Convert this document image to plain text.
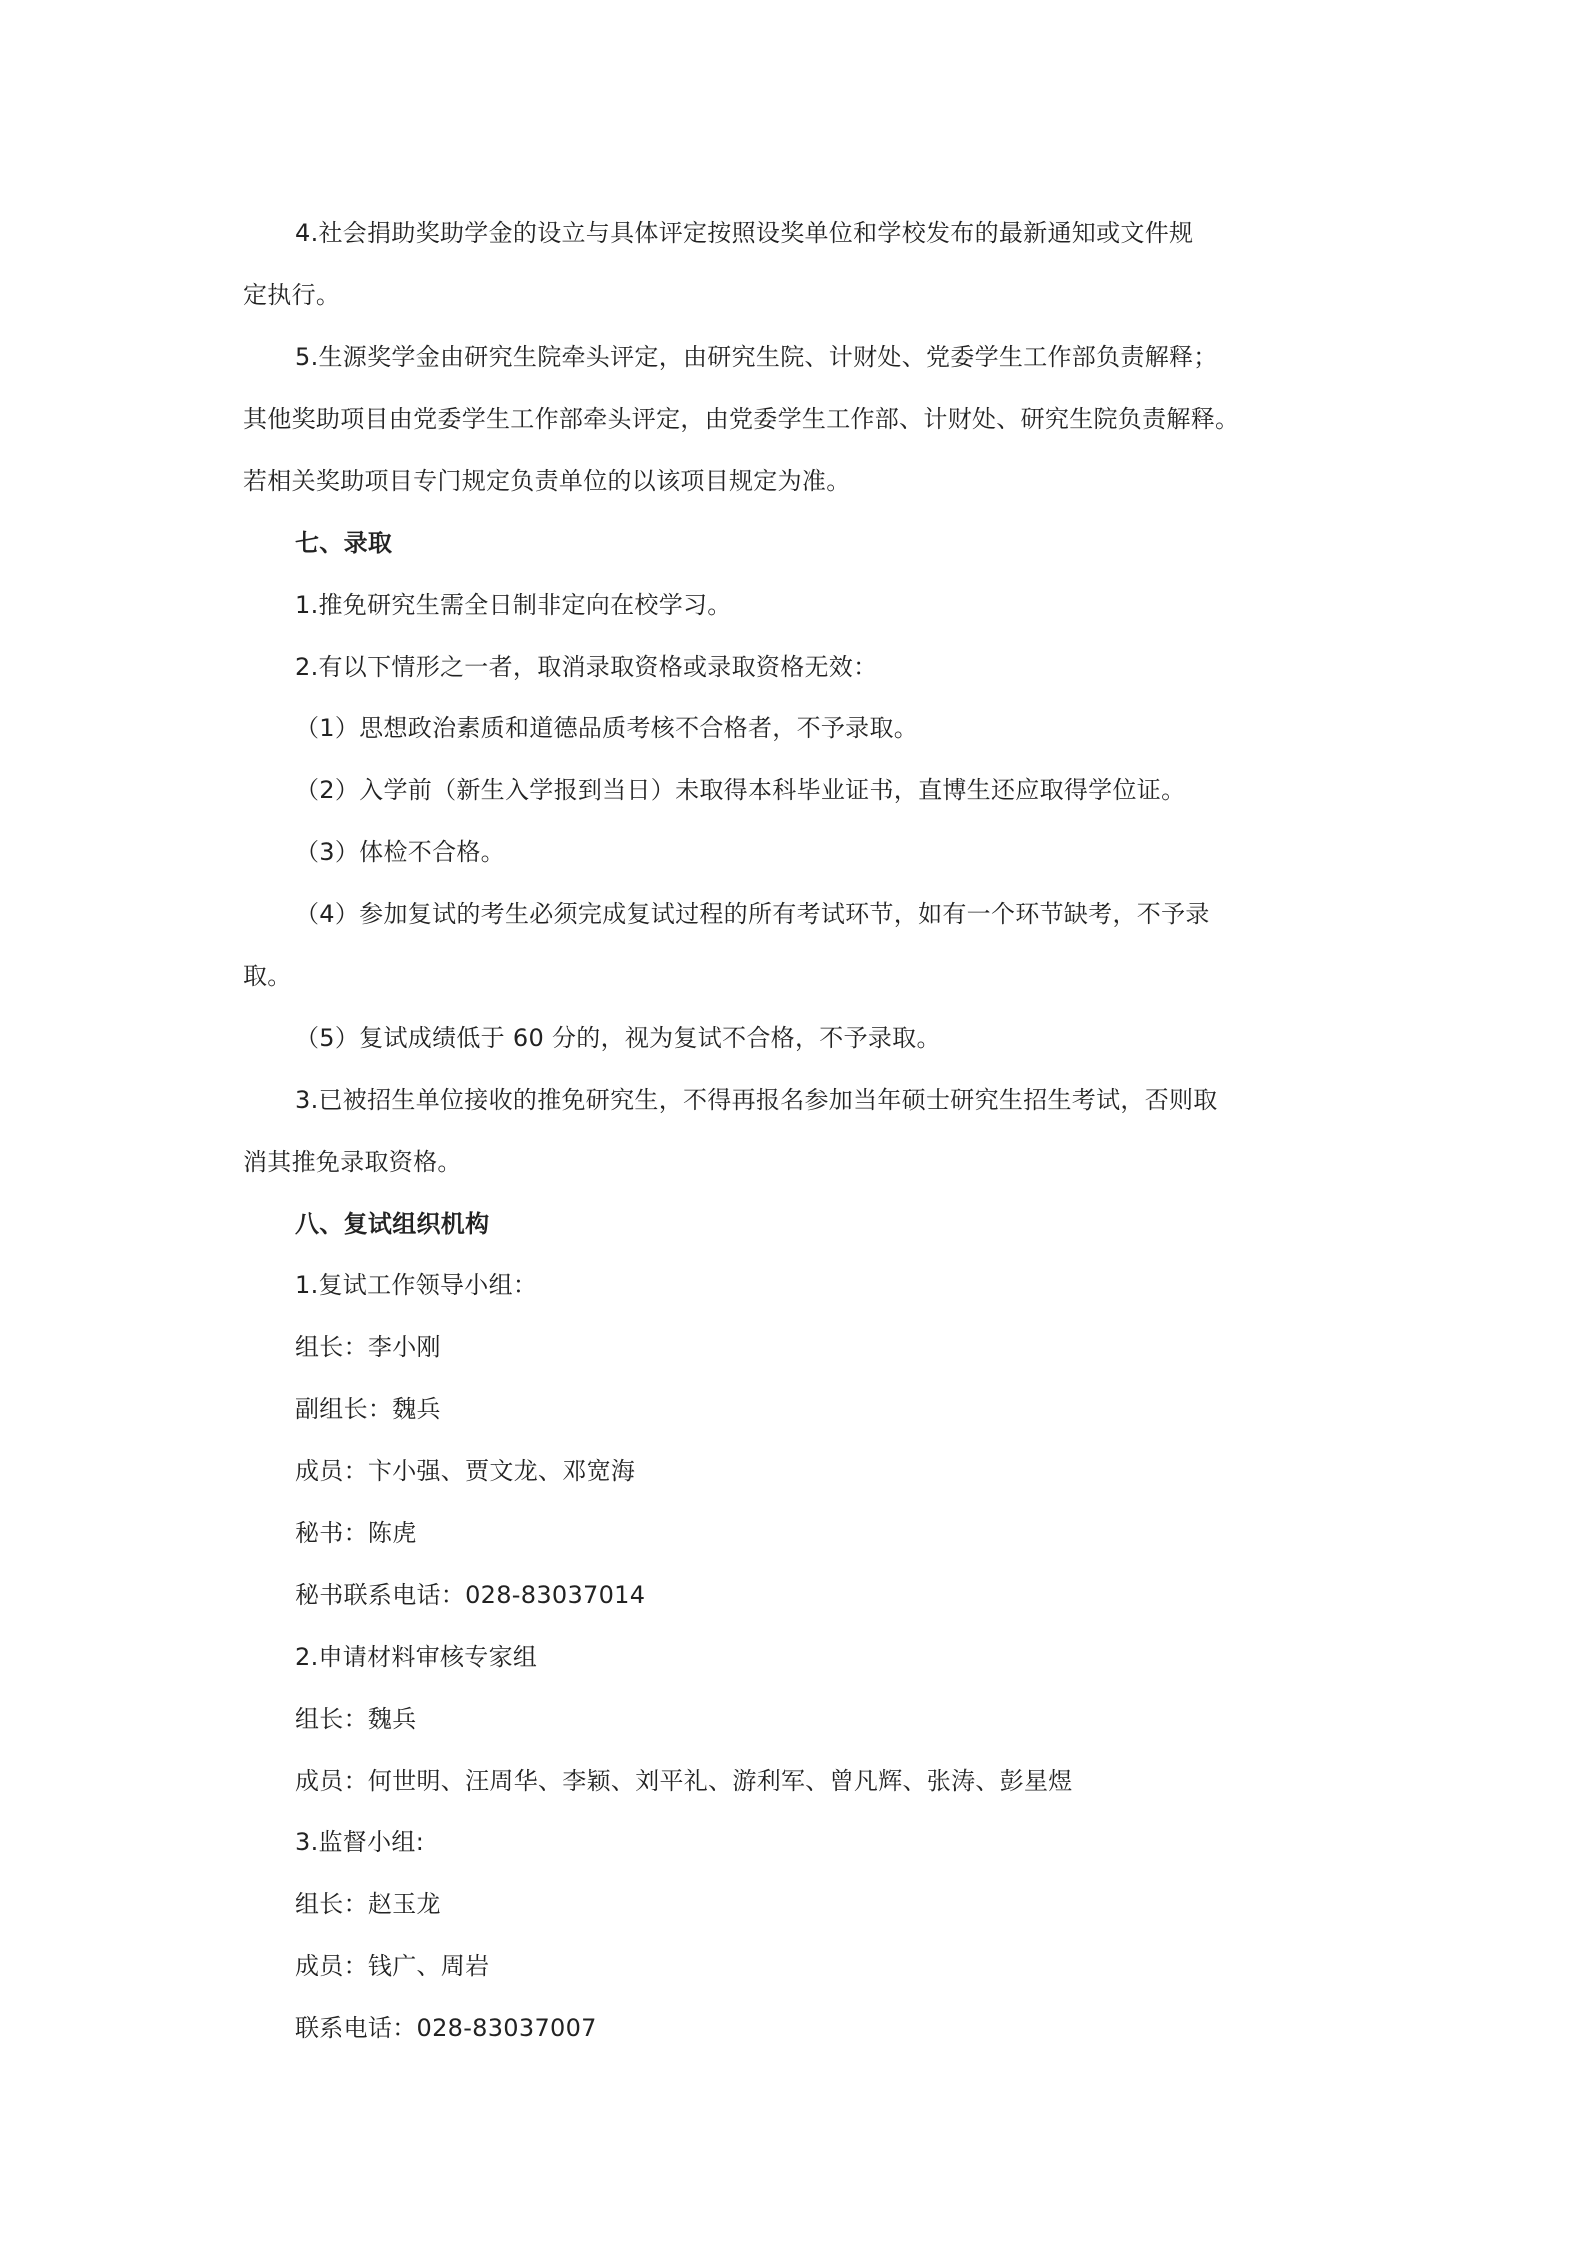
4.社会捐助奖助学金的设立与具体评定按照设奖单位和学校发布的最新通知或文件规
定执行。
5.生源奖学金由研究生院牵头评定，由研究生院、计财处、党委学生工作部负责解释；
其他奖助项目由党委学生工作部牵头评定，由党委学生工作部、计财处、研究生院负责解释。
若相关奖助项目专门规定负责单位的以该项目规定为准。
七、录取
1.推免研究生需全日制非定向在校学习。
2.有以下情形之一者，取消录取资格或录取资格无效：
（1）思想政治素质和道德品质考核不合格者，不予录取。
（2）入学前（新生入学报到当日）未取得本科毕业证书，直博生还应取得学位证。
（3）体检不合格。
（4）参加复试的考生必须完成复试过程的所有考试环节，如有一个环节缺考，不予录
取。
（5）复试成绩低于 60 分的，视为复试不合格，不予录取。
3.已被招生单位接收的推免研究生，不得再报名参加当年硕士研究生招生考试，否则取
消其推免录取资格。
八、复试组织机构
1.复试工作领导小组：
组长：李小刚
副组长：魏兵
成员：卞小强、贾文龙、邓宽海
秘书：陈虎
秘书联系电话：028-83037014
2.申请材料审核专家组
组长：魏兵
成员：何世明、汪周华、李颖、刘平礼、游利军、曾凡辉、张涛、彭星煜
3.监督小组:
组长：赵玉龙
成员：钱广、周岩
联系电话：028-83037007
